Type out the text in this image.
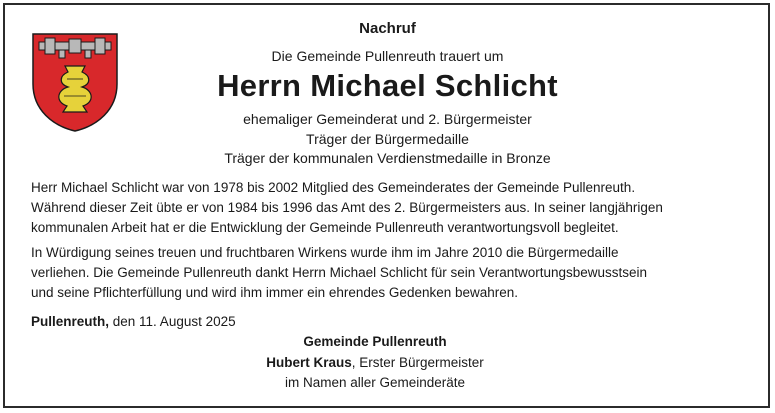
Nachruf
Die Gemeinde Pullenreuth trauert um
Herrn Michael Schlicht
ehemaliger Gemeinderat und 2. Bürgermeister
Träger der Bürgermedaille
Träger der kommunalen Verdienstmedaille in Bronze
Herr Michael Schlicht war von 1978 bis 2002 Mitglied des Gemeinderates der Gemeinde Pullenreuth.
Während dieser Zeit übte er von 1984 bis 1996 das Amt des 2. Bürgermeisters aus. In seiner langjährigen
kommunalen Arbeit hat er die Entwicklung der Gemeinde Pullenreuth verantwortungsvoll begleitet.
In Würdigung seines treuen und fruchtbaren Wirkens wurde ihm im Jahre 2010 die Bürgermedaille
verliehen. Die Gemeinde Pullenreuth dankt Herrn Michael Schlicht für sein Verantwortungsbewusstsein
und seine Pflichterfüllung und wird ihm immer ein ehrendes Gedenken bewahren.
Pullenreuth, den 11. August 2025
Gemeinde Pullenreuth
Hubert Kraus, Erster Bürgermeister
im Namen aller Gemeinderäte
